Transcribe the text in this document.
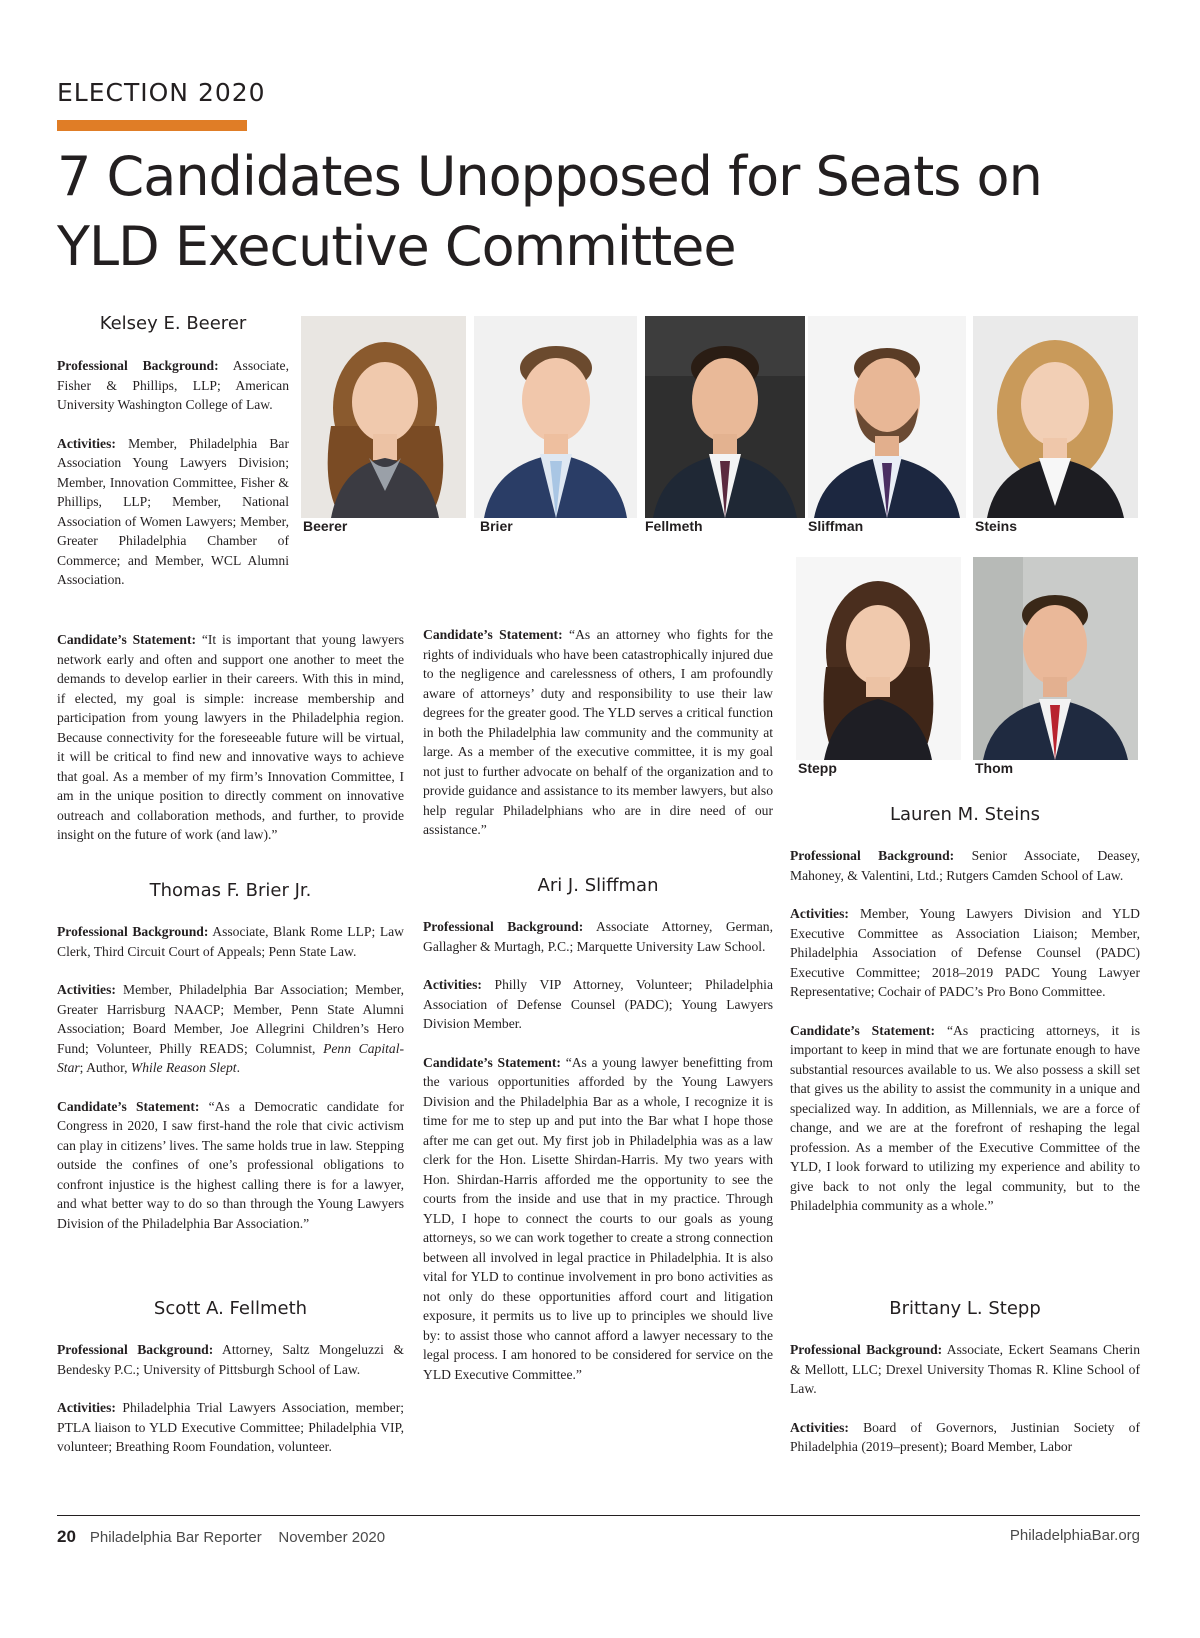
ELECTION 2020
7 Candidates Unopposed for Seats on YLD Executive Committee
Beerer	Brier	Fellmeth	Sliffman	Steins
Stepp	Thom
Kelsey E. Beerer

Professional Background: Associate, Fisher & Phillips, LLP; American University Washington College of Law.

Activities: Member, Philadelphia Bar Association Young Lawyers Division; Member, Innovation Committee, Fisher & Phillips, LLP; Member, National Association of Women Lawyers; Member, Greater Philadelphia Chamber of Commerce; and Member, WCL Alumni Association.

Candidate’s Statement: “It is important that young lawyers network early and often and support one another to meet the demands to develop earlier in their careers. With this in mind, if elected, my goal is simple: increase membership and participation from young lawyers in the Philadelphia region. Because connectivity for the foreseeable future will be virtual, it will be critical to find new and innovative ways to achieve that goal. As a member of my firm’s Innovation Committee, I am in the unique position to directly comment on innovative outreach and collaboration methods, and further, to provide insight on the future of work (and law).”

Thomas F. Brier Jr.

Professional Background: Associate, Blank Rome LLP; Law Clerk, Third Circuit Court of Appeals; Penn State Law.

Activities: Member, Philadelphia Bar Association; Member, Greater Harrisburg NAACP; Member, Penn State Alumni Association; Board Member, Joe Allegrini Children’s Hero Fund; Volunteer, Philly READS; Columnist, Penn Capital-Star; Author, While Reason Slept.

Candidate’s Statement: “As a Democratic candidate for Congress in 2020, I saw first-hand the role that civic activism can play in citizens’ lives. The same holds true in law. Stepping outside the confines of one’s professional obligations to confront injustice is the highest calling there is for a lawyer, and what better way to do so than through the Young Lawyers Division of the Philadelphia Bar Association.”

Scott A. Fellmeth

Professional Background: Attorney, Saltz Mongeluzzi & Bendesky P.C.; University of Pittsburgh School of Law.

Activities: Philadelphia Trial Lawyers Association, member; PTLA liaison to YLD Executive Committee; Philadelphia VIP, volunteer; Breathing Room Foundation, volunteer.

Candidate’s Statement: “As an attorney who fights for the rights of individuals who have been catastrophically injured due to the negligence and carelessness of others, I am profoundly aware of attorneys’ duty and responsibility to use their law degrees for the greater good. The YLD serves a critical function in both the Philadelphia law community and the community at large. As a member of the executive committee, it is my goal not just to further advocate on behalf of the organization and to provide guidance and assistance to its member lawyers, but also help regular Philadelphians who are in dire need of our assistance.”

Ari J. Sliffman

Professional Background: Associate Attorney, German, Gallagher & Murtagh, P.C.; Marquette University Law School.

Activities: Philly VIP Attorney, Volunteer; Philadelphia Association of Defense Counsel (PADC); Young Lawyers Division Member.

Candidate’s Statement: “As a young lawyer benefitting from the various opportunities afforded by the Young Lawyers Division and the Philadelphia Bar as a whole, I recognize it is time for me to step up and put into the Bar what I hope those after me can get out. My first job in Philadelphia was as a law clerk for the Hon. Lisette Shirdan-Harris. My two years with Hon. Shirdan-Harris afforded me the opportunity to see the courts from the inside and use that in my practice. Through YLD, I hope to connect the courts to our goals as young attorneys, so we can work together to create a strong connection between all involved in legal practice in Philadelphia. It is also vital for YLD to continue involvement in pro bono activities as not only do these opportunities afford court and litigation exposure, it permits us to live up to principles we should live by: to assist those who cannot afford a lawyer necessary to the legal process. I am honored to be considered for service on the YLD Executive Committee.”

Lauren M. Steins

Professional Background: Senior Associate, Deasey, Mahoney, & Valentini, Ltd.; Rutgers Camden School of Law.

Activities: Member, Young Lawyers Division and YLD Executive Committee as Association Liaison; Member, Philadelphia Association of Defense Counsel (PADC) Executive Committee; 2018–2019 PADC Young Lawyer Representative; Cochair of PADC’s Pro Bono Committee.

Candidate’s Statement: “As practicing attorneys, it is important to keep in mind that we are fortunate enough to have substantial resources available to us. We also possess a skill set that gives us the ability to assist the community in a unique and specialized way. In addition, as Millennials, we are a force of change, and we are at the forefront of reshaping the legal profession. As a member of the Executive Committee of the YLD, I look forward to utilizing my experience and ability to give back to not only the legal community, but to the Philadelphia community as a whole.”

Brittany L. Stepp

Professional Background: Associate, Eckert Seamans Cherin & Mellott, LLC; Drexel University Thomas R. Kline School of Law.

Activities: Board of Governors, Justinian Society of Philadelphia (2019–present); Board Member, Labor

20 Philadelphia Bar Reporter November 2020	PhiladelphiaBar.org
